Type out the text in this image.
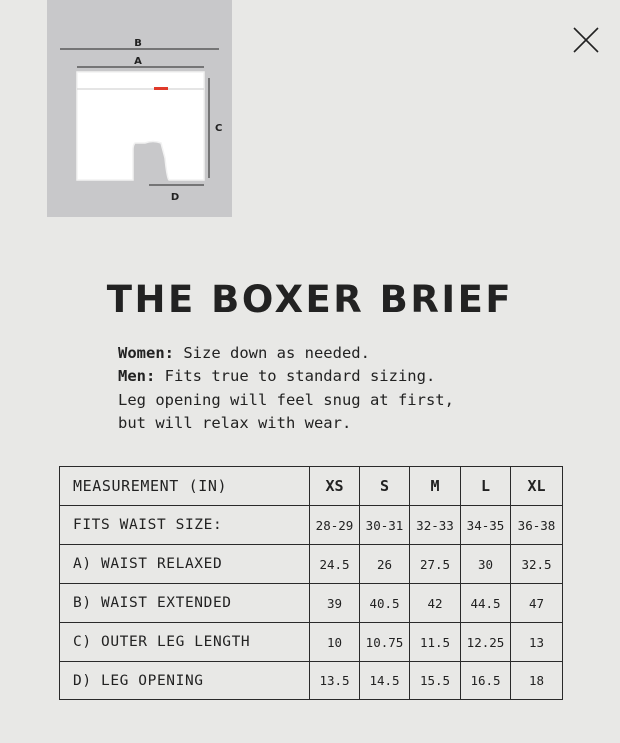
B
A
C
D
THE BOXER BRIEF
Women: Size down as needed.
Men: Fits true to standard sizing.
Leg opening will feel snug at first,
but will relax with wear.
MEASUREMENT (IN)	XS	S	M	L	XL
FITS WAIST SIZE:	28-29	30-31	32-33	34-35	36-38
A) WAIST RELAXED	24.5	26	27.5	30	32.5
B) WAIST EXTENDED	39	40.5	42	44.5	47
C) OUTER LEG LENGTH	10	10.75	11.5	12.25	13
D) LEG OPENING	13.5	14.5	15.5	16.5	18
